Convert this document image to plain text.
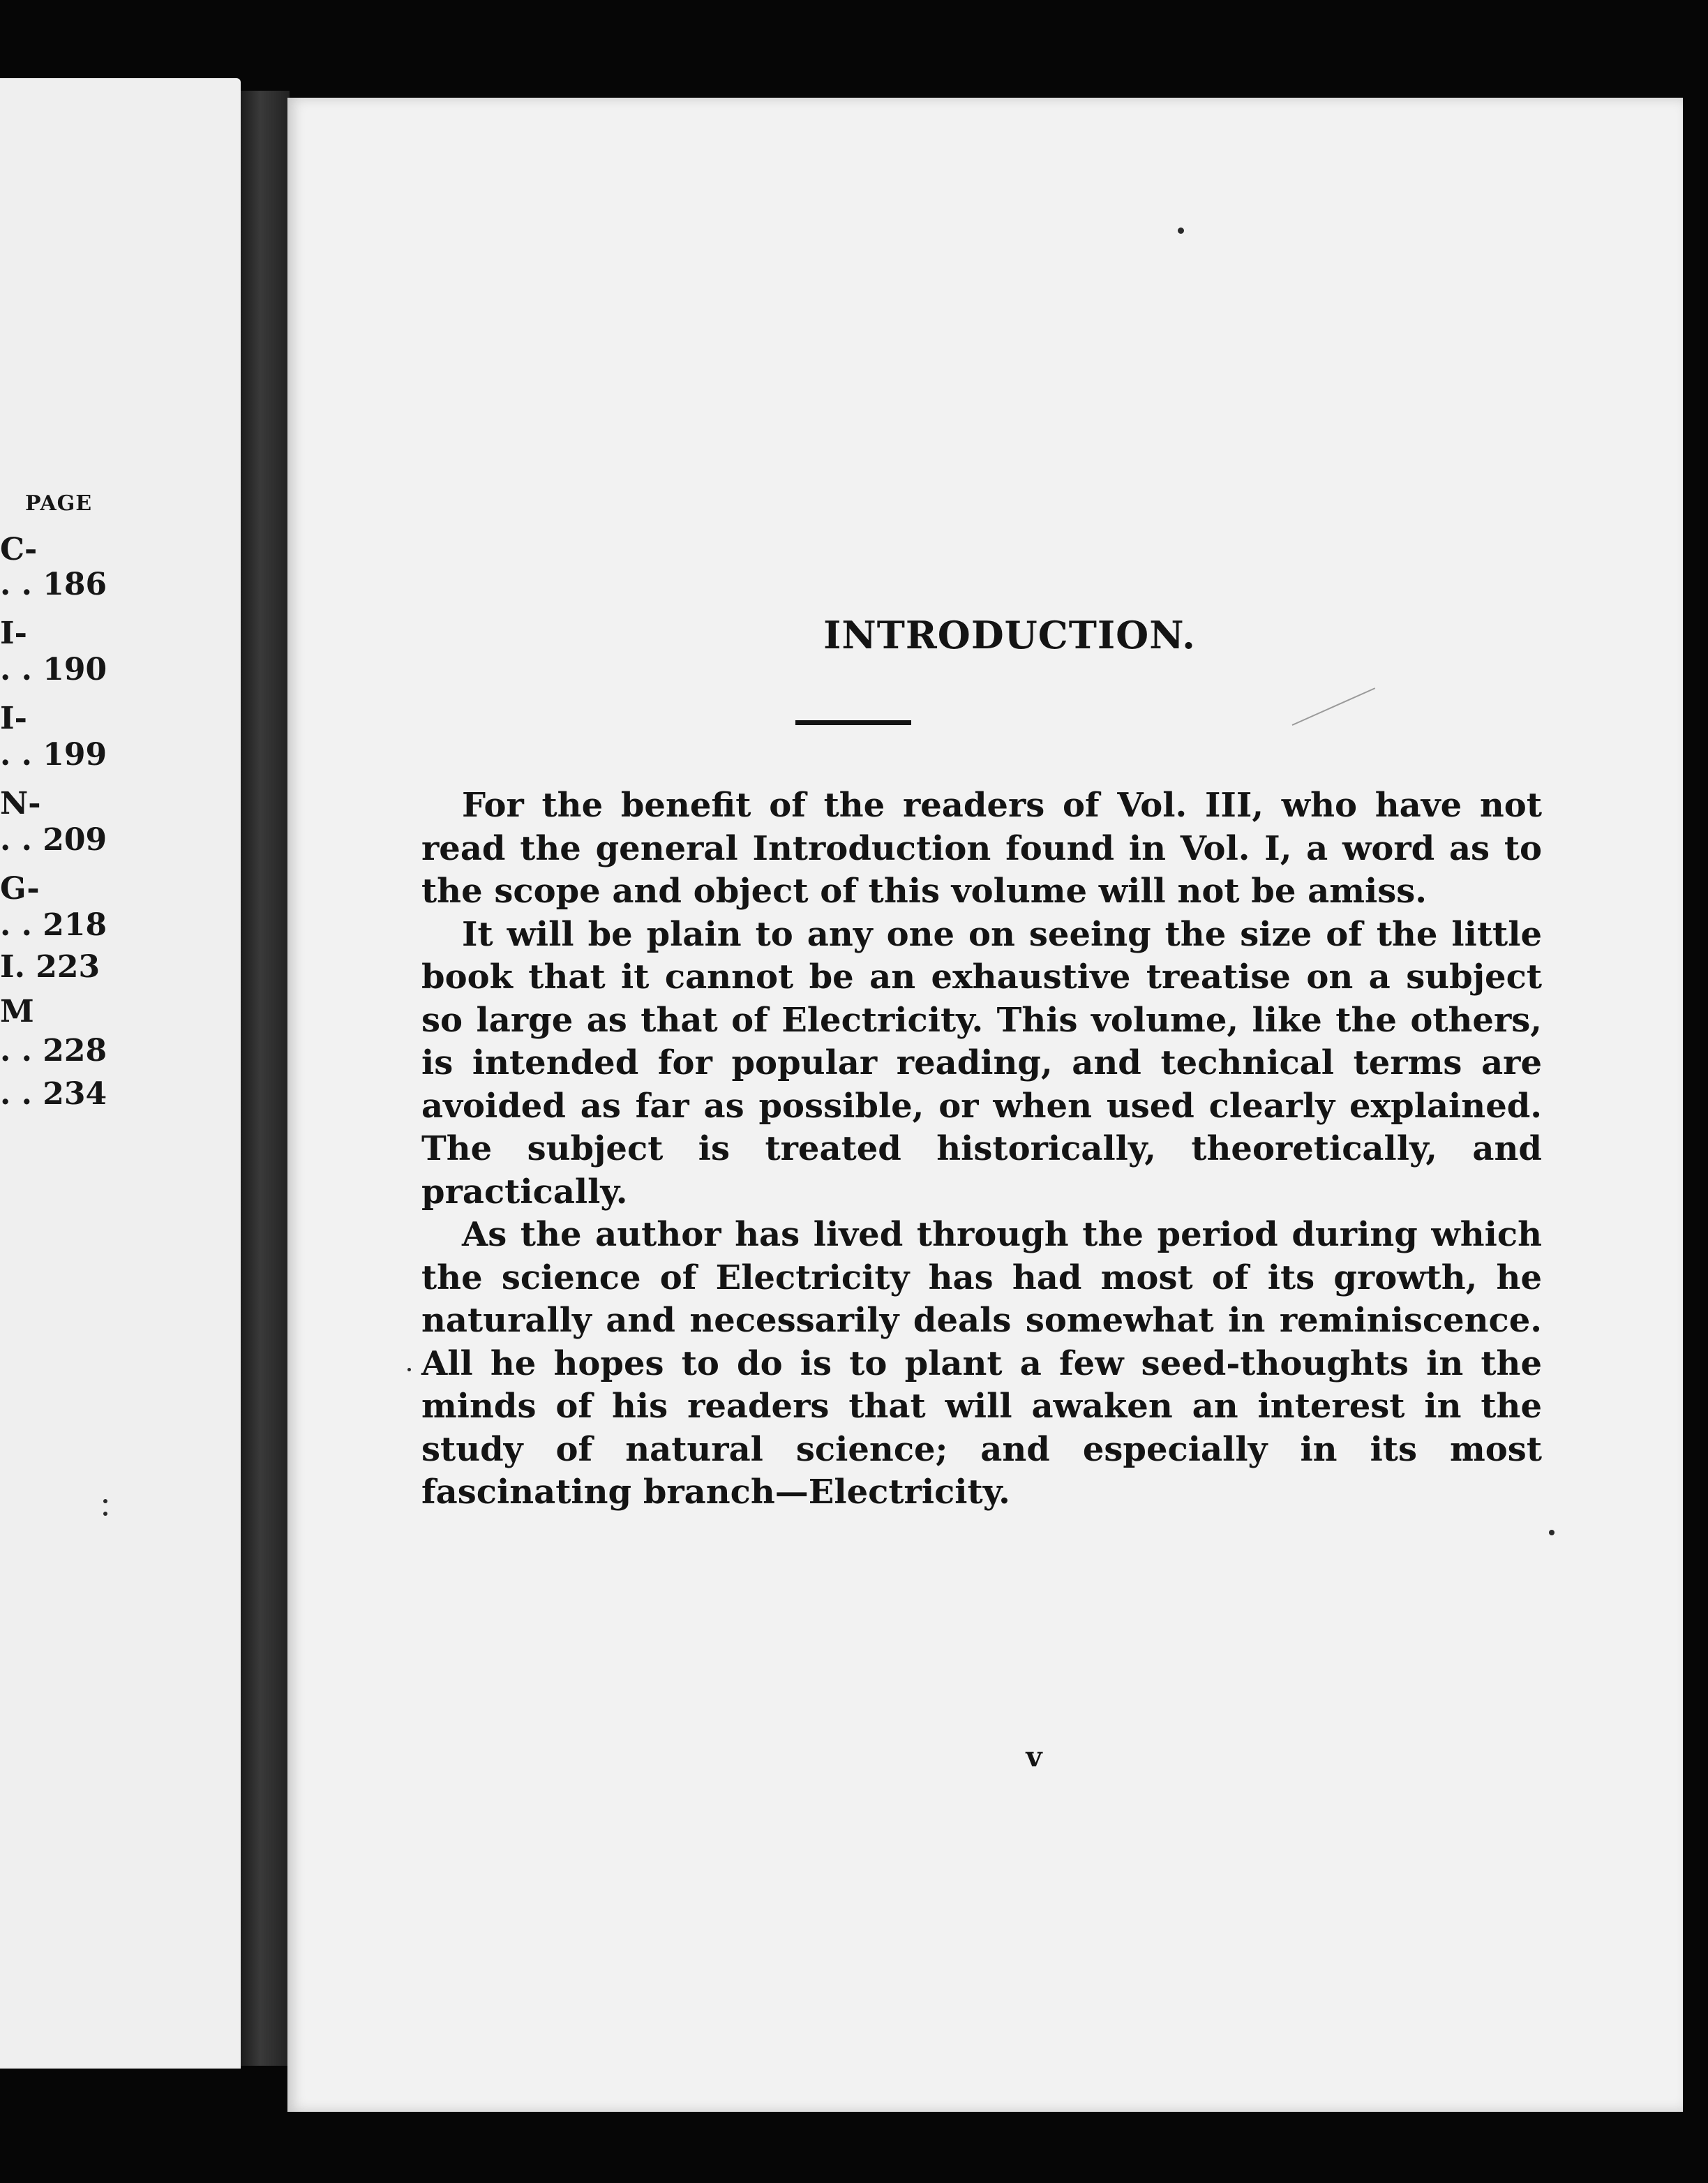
PAGE
C-
. . 186
I-
. . 190
I-
. . 199
N-
. . 209
G-
. . 218
I. 223
M
. . 228
. . 234
INTRODUCTION.

For the benefit of the readers of Vol. III, who have not read the general Introduction found in Vol. I, a word as to the scope and object of this volume will not be amiss.

It will be plain to any one on seeing the size of the little book that it cannot be an exhaustive treatise on a subject so large as that of Electricity. This volume, like the others, is intended for popular reading, and technical terms are avoided as far as possible, or when used clearly explained. The subject is treated historically, theoretically, and practically.

As the author has lived through the period during which the science of Electricity has had most of its growth, he naturally and necessarily deals somewhat in reminiscence. All he hopes to do is to plant a few seed-thoughts in the minds of his readers that will awaken an interest in the study of natural science; and especially in its most fascinating branch—Electricity.

v
